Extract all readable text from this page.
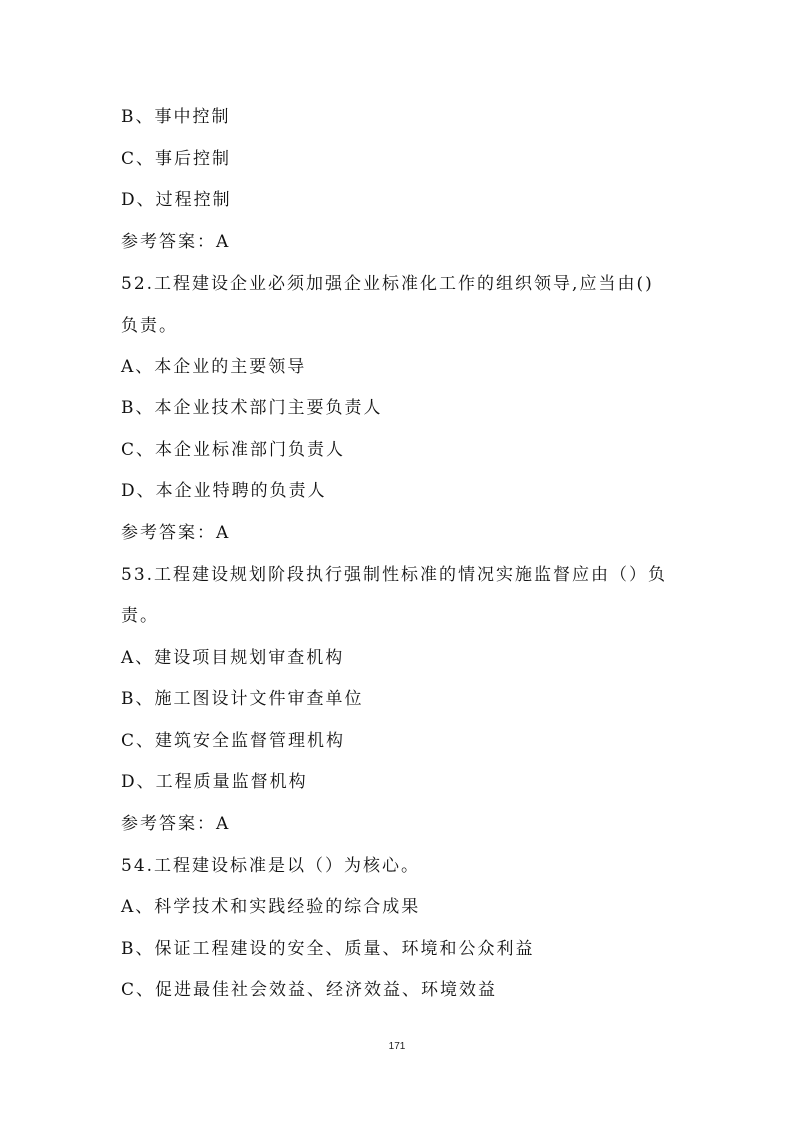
B、事中控制
C、事后控制
D、过程控制
参考答案：A
52.工程建设企业必须加强企业标准化工作的组织领导,应当由()
负责。
A、本企业的主要领导
B、本企业技术部门主要负责人
C、本企业标准部门负责人
D、本企业特聘的负责人
参考答案：A
53.工程建设规划阶段执行强制性标准的情况实施监督应由（）负
责。
A、建设项目规划审查机构
B、施工图设计文件审查单位
C、建筑安全监督管理机构
D、工程质量监督机构
参考答案：A
54.工程建设标准是以（）为核心。
A、科学技术和实践经验的综合成果
B、保证工程建设的安全、质量、环境和公众利益
C、促进最佳社会效益、经济效益、环境效益
171
